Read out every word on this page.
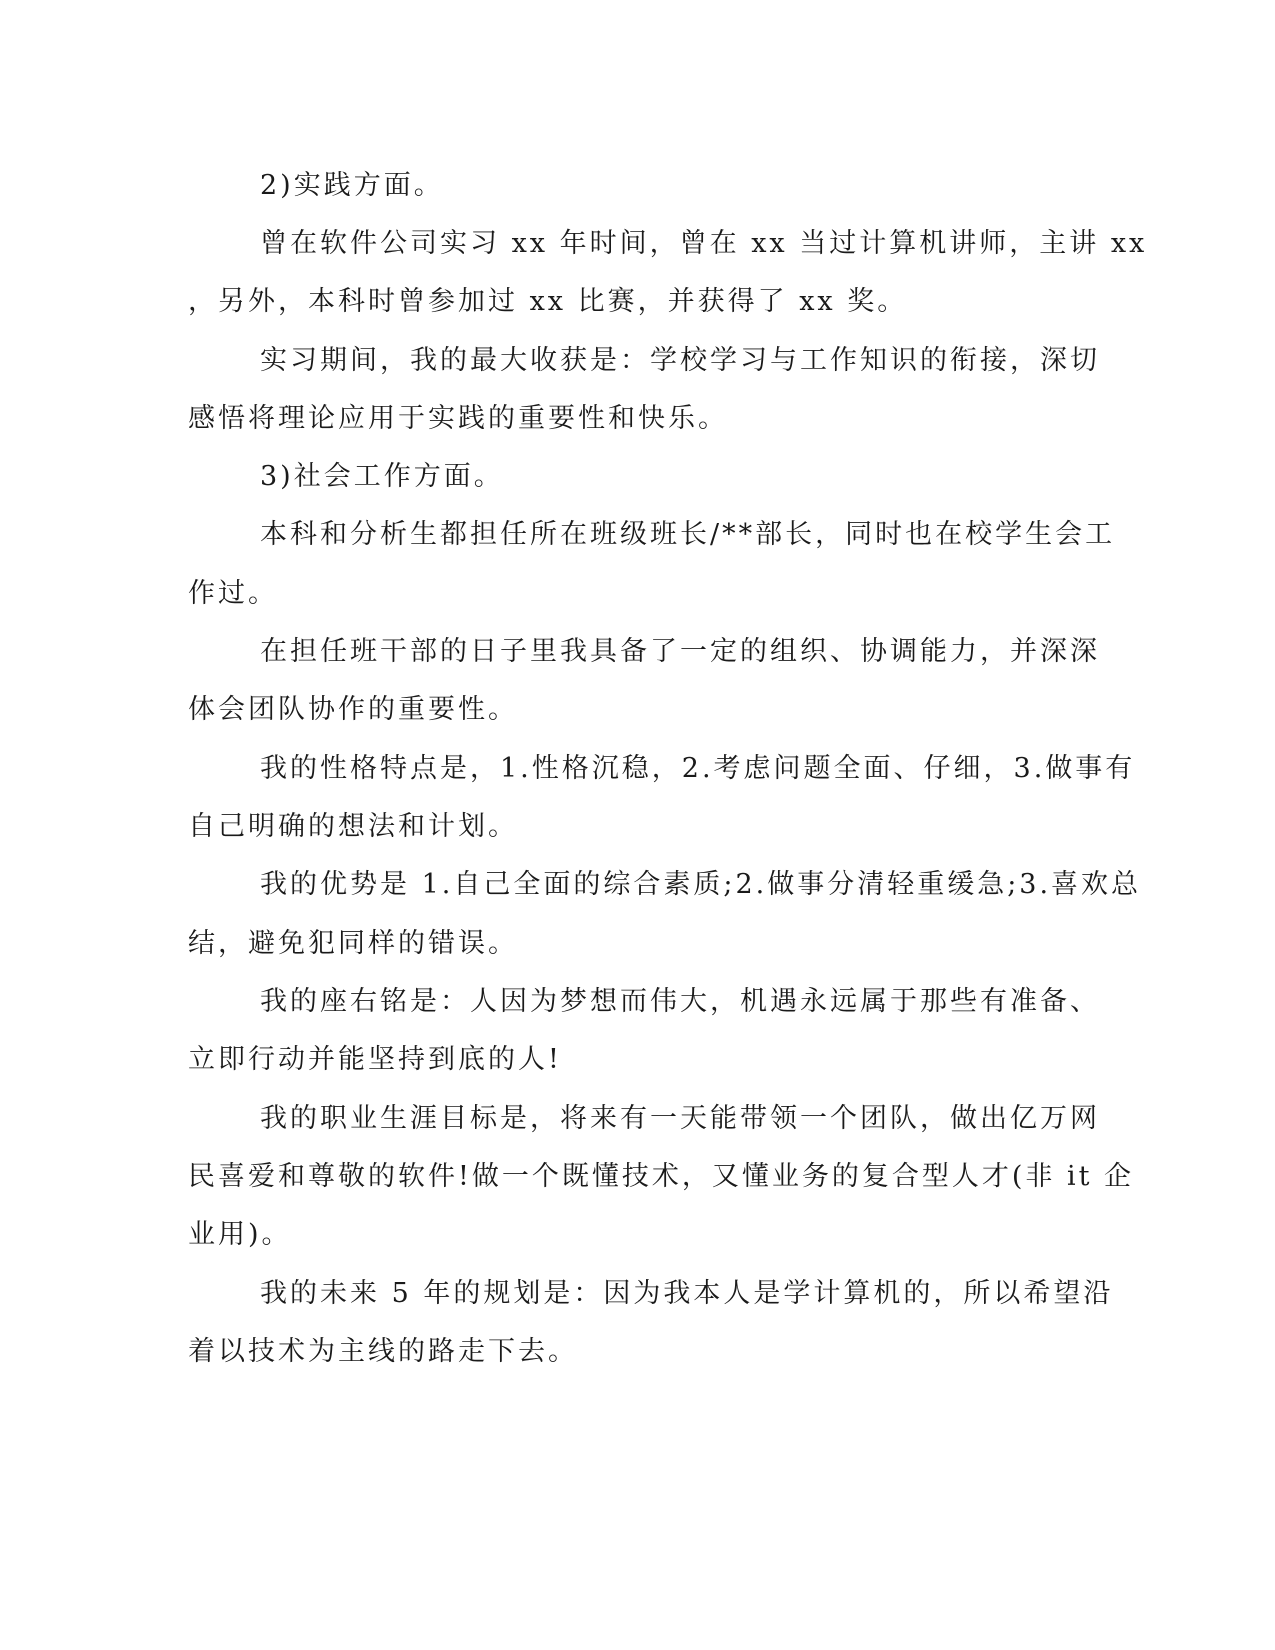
2)实践方面。
曾在软件公司实习 xx 年时间，曾在 xx 当过计算机讲师，主讲 xx
，另外，本科时曾参加过 xx 比赛，并获得了 xx 奖。
实习期间，我的最大收获是：学校学习与工作知识的衔接，深切
感悟将理论应用于实践的重要性和快乐。
3)社会工作方面。
本科和分析生都担任所在班级班长/**部长，同时也在校学生会工
作过。
在担任班干部的日子里我具备了一定的组织、协调能力，并深深
体会团队协作的重要性。
我的性格特点是，1.性格沉稳，2.考虑问题全面、仔细，3.做事有
自己明确的想法和计划。
我的优势是 1.自己全面的综合素质;2.做事分清轻重缓急;3.喜欢总
结，避免犯同样的错误。
我的座右铭是：人因为梦想而伟大，机遇永远属于那些有准备、
立即行动并能坚持到底的人!
我的职业生涯目标是，将来有一天能带领一个团队，做出亿万网
民喜爱和尊敬的软件!做一个既懂技术，又懂业务的复合型人才(非 it 企
业用)。
我的未来 5 年的规划是：因为我本人是学计算机的，所以希望沿
着以技术为主线的路走下去。
